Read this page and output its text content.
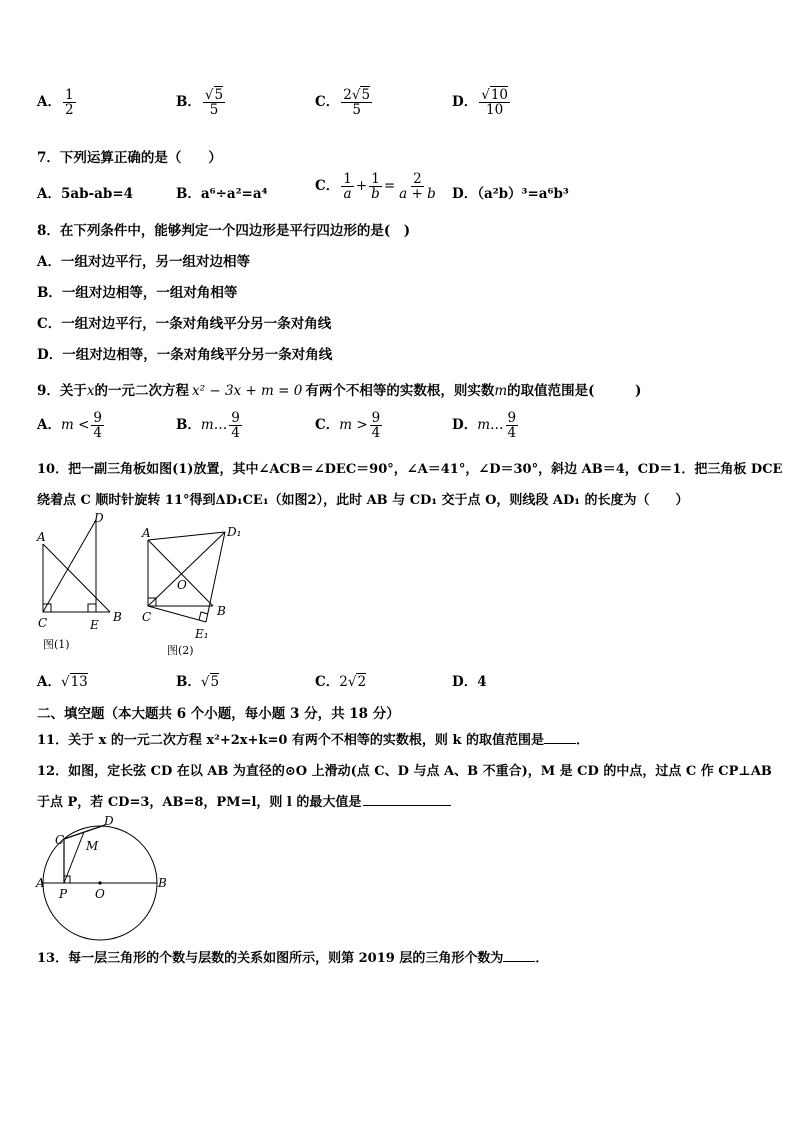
A． $\frac{1}{2}$	B． $\frac{√5}{5}$	C． $\frac{2√5}{5}$	D． $\frac{√10}{10}$
7．下列运算正确的是（　　）
A．5ab-ab=4	B．a⁶÷a²=a⁴	C． $\frac{1}{a} + \frac{1}{b} = \frac{2}{a + b}$ D．（a²b）³=a⁶b³
8．在下列条件中，能够判定一个四边形是平行四边形的是(　)
A．一组对边平行，另一组对边相等
B．一组对边相等，一组对角相等
C．一组对边平行，一条对角线平分另一条对角线
D．一组对边相等，一条对角线平分另一条对角线
9．关于x的一元二次方程 x² − 3x + m = 0 有两个不相等的实数根，则实数m的取值范围是(　　　)
A．$m < \frac{9}{4}$	B．m… $\frac{9}{4}$	C．$m > \frac{9}{4}$	D．m… $\frac{9}{4}$
10．把一副三角板如图(1)放置，其中∠ACB＝∠DEC＝90°，∠A＝41°，∠D＝30°，斜边 AB＝4，CD＝1．把三角板 DCE
绕着点 C 顺时针旋转 11°得到ΔD₁CE₁（如图2），此时 AB 与 CD₁ 交于点 O，则线段 AD₁ 的长度为（　　）
A
D
C	E
B
图(1)
A	D₁
O
C	B
E₁
图(2)
A．√13	B．√5	C．2√2	D．4
二、填空题（本大题共 6 个小题，每小题 3 分，共 18 分）
11．关于 x 的一元二次方程 x²+2x+k=0 有两个不相等的实数根，则 k 的取值范围是 ．
12．如图，定长弦 CD 在以 AB 为直径的⊙O 上滑动(点 C、D 与点 A、B 不重合)，M 是 CD 的中点，过点 C 作 CP⊥AB
于点 P，若 CD=3，AB=8，PM=l，则 l 的最大值是
C
D
M
A	B
P O
13．每一层三角形的个数与层数的关系如图所示，则第 2019 层的三角形个数为 ．
